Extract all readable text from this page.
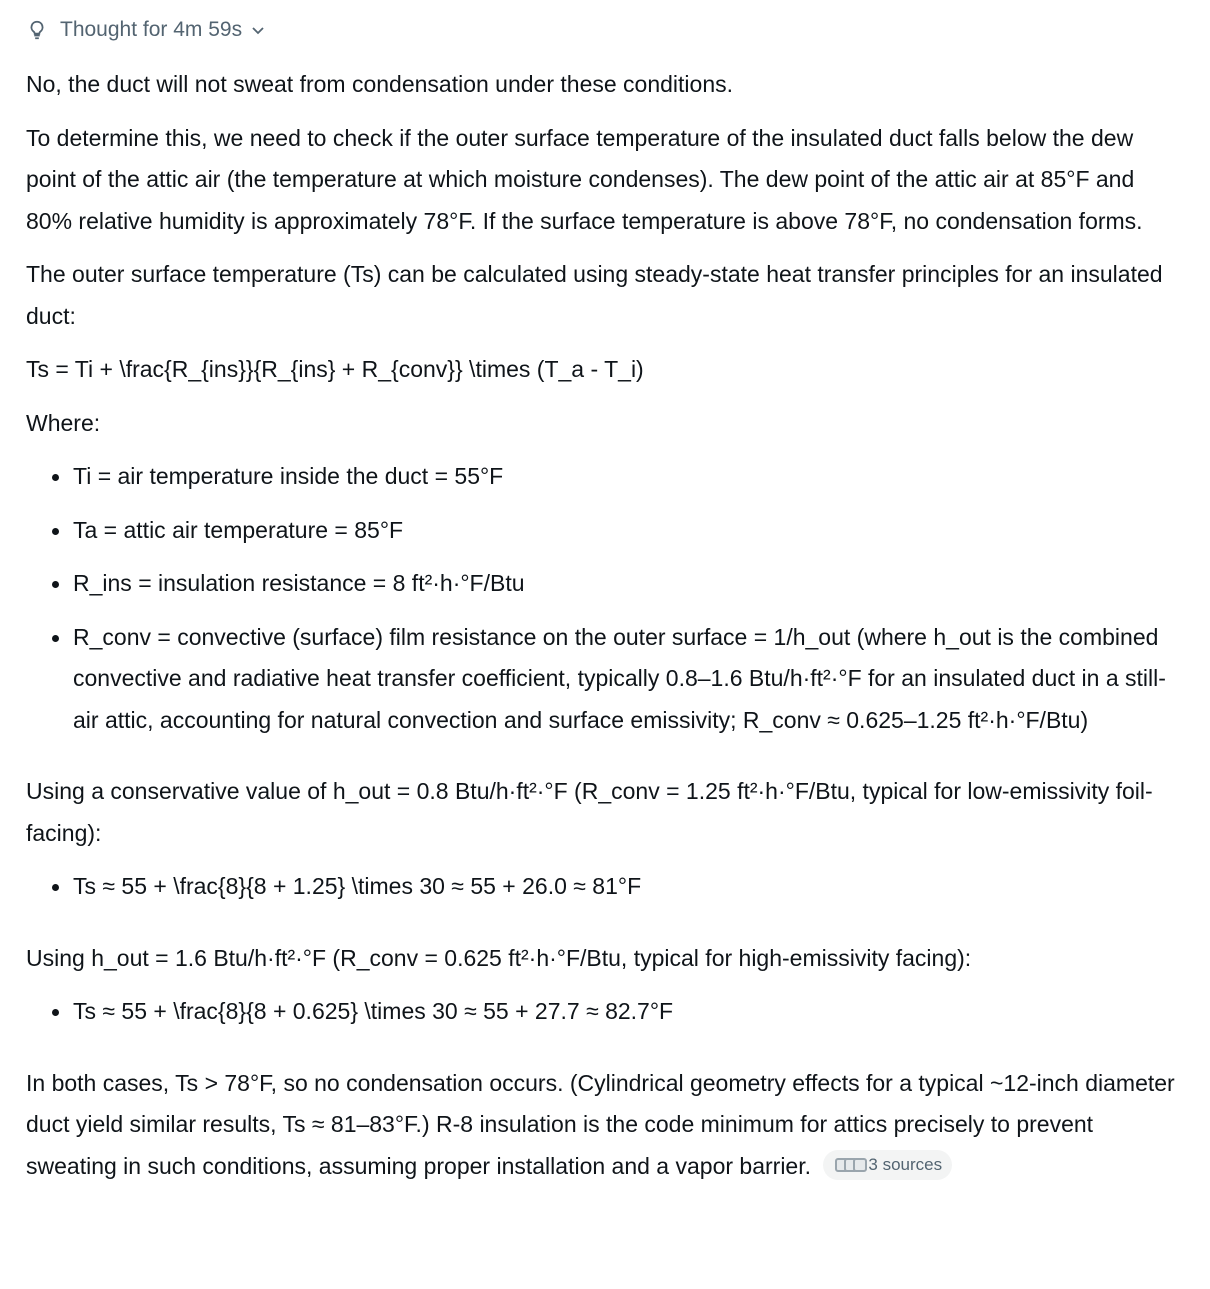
Thought for 4m 59s

No, the duct will not sweat from condensation under these conditions.

To determine this, we need to check if the outer surface temperature of the insulated duct falls below the dew point of the attic air (the temperature at which moisture condenses). The dew point of the attic air at 85°F and 80% relative humidity is approximately 78°F. If the surface temperature is above 78°F, no condensation forms.

The outer surface temperature (Ts) can be calculated using steady-state heat transfer principles for an insulated duct:

Ts = Ti + \frac{R_{ins}}{R_{ins} + R_{conv}} \times (T_a - T_i)

Where:

Ti = air temperature inside the duct = 55°F
Ta = attic air temperature = 85°F
R_ins = insulation resistance = 8 ft²·h·°F/Btu
R_conv = convective (surface) film resistance on the outer surface = 1/h_out (where h_out is the combined convective and radiative heat transfer coefficient, typically 0.8–1.6 Btu/h·ft²·°F for an insulated duct in a still-air attic, accounting for natural convection and surface emissivity; R_conv ≈ 0.625–1.25 ft²·h·°F/Btu)

Using a conservative value of h_out = 0.8 Btu/h·ft²·°F (R_conv = 1.25 ft²·h·°F/Btu, typical for low-emissivity foil-facing):

Ts ≈ 55 + \frac{8}{8 + 1.25} \times 30 ≈ 55 + 26.0 ≈ 81°F

Using h_out = 1.6 Btu/h·ft²·°F (R_conv = 0.625 ft²·h·°F/Btu, typical for high-emissivity facing):

Ts ≈ 55 + \frac{8}{8 + 0.625} \times 30 ≈ 55 + 27.7 ≈ 82.7°F

In both cases, Ts > 78°F, so no condensation occurs. (Cylindrical geometry effects for a typical ~12-inch diameter duct yield similar results, Ts ≈ 81–83°F.) R-8 insulation is the code minimum for attics precisely to prevent sweating in such conditions, assuming proper installation and a vapor barrier.	3 sources
